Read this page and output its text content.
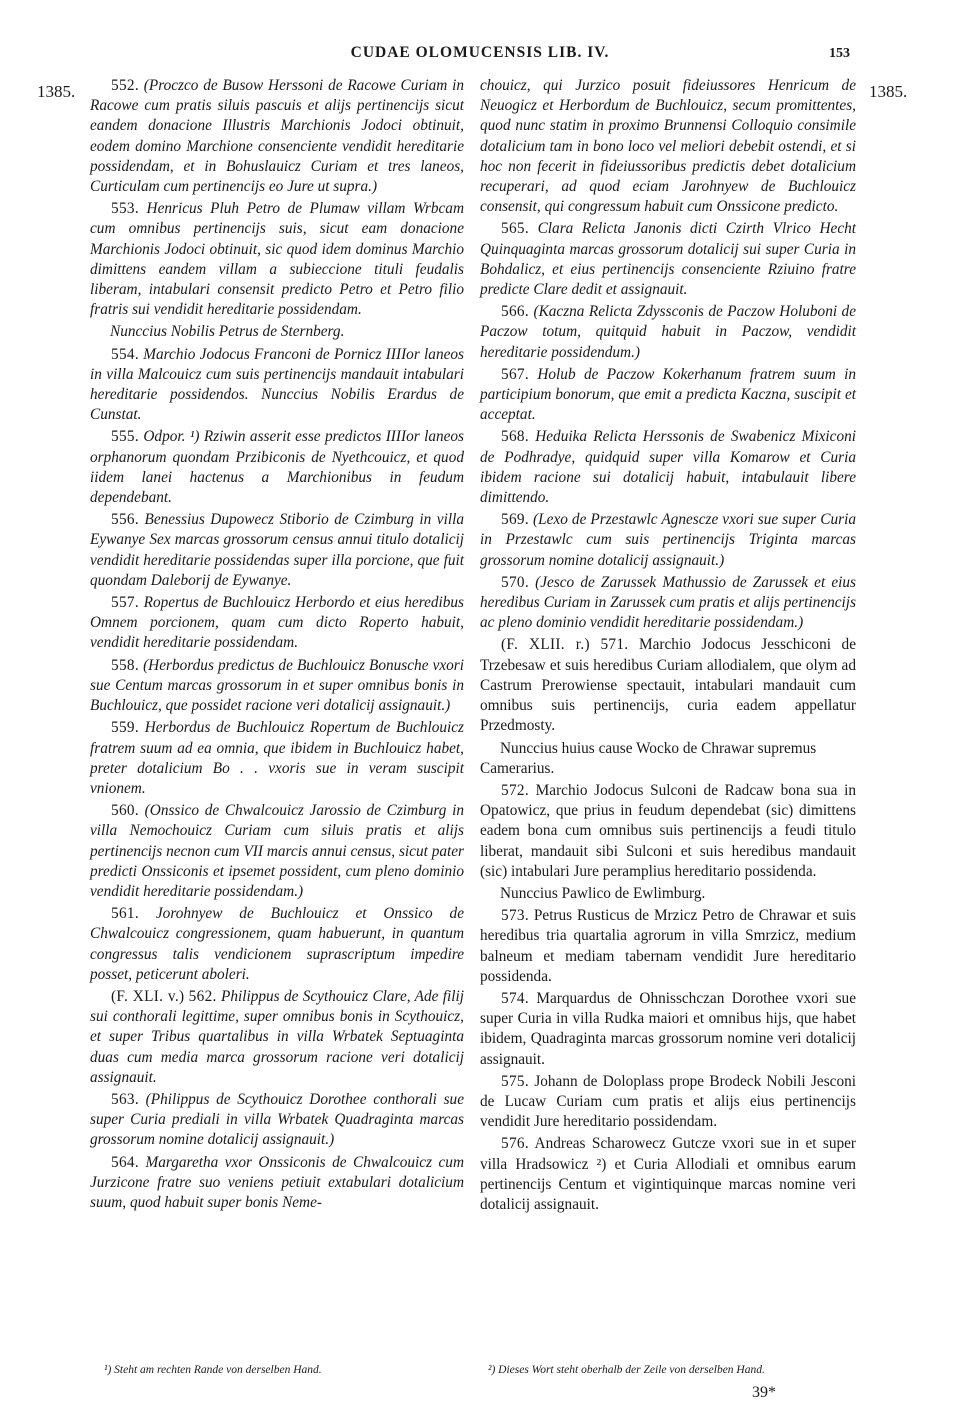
CUDAE OLOMUCENSIS LIB. IV.	153
1385.	1385.

552. (Proczco de Busow Herssoni de Racowe Curiam in Racowe cum pratis siluis pascuis et alijs pertinencijs sicut eandem donacione Illustris Marchionis Jodoci obtinuit, eodem domino Marchione consenciente vendidit hereditarie possidendam, et in Bohuslauicz Curiam et tres laneos, Curticulam cum pertinencijs eo Jure ut supra.)

553. Henricus Pluh Petro de Plumaw villam Wrbcam cum omnibus pertinencijs suis, sicut eam donacione Marchionis Jodoci obtinuit, sic quod idem dominus Marchio dimittens eandem villam a subieccione tituli feudalis liberam, intabulari consensit predicto Petro et Petro filio fratris sui vendidit hereditarie possidendam.

Nunccius Nobilis Petrus de Sternberg.

554. Marchio Jodocus Franconi de Pornicz IIIIor laneos in villa Malcouicz cum suis pertinencijs mandauit intabulari hereditarie possidendos. Nunccius Nobilis Erardus de Cunstat.

555. Odpor. ¹) Rziwin asserit esse predictos IIIIor laneos orphanorum quondam Przibiconis de Nyethcouicz, et quod iidem lanei hactenus a Marchionibus in feudum dependebant.

556. Benessius Dupowecz Stiborio de Czimburg in villa Eywanye Sex marcas grossorum census annui titulo dotalicij vendidit hereditarie possidendas super illa porcione, que fuit quondam Daleborij de Eywanye.

557. Ropertus de Buchlouicz Herbordo et eius heredibus Omnem porcionem, quam cum dicto Roperto habuit, vendidit hereditarie possidendam.

558. (Herbordus predictus de Buchlouicz Bonusche vxori sue Centum marcas grossorum in et super omnibus bonis in Buchlouicz, que possidet racione veri dotalicij assignauit.)

559. Herbordus de Buchlouicz Ropertum de Buchlouicz fratrem suum ad ea omnia, que ibidem in Buchlouicz habet, preter dotalicium Bo . . vxoris sue in veram suscipit vnionem.

560. (Onssico de Chwalcouicz Jarossio de Czimburg in villa Nemochouicz Curiam cum siluis pratis et alijs pertinencijs necnon cum VII marcis annui census, sicut pater predicti Onssiconis et ipsemet possident, cum pleno dominio vendidit hereditarie possidendam.)

561. Jorohnyew de Buchlouicz et Onssico de Chwalcouicz congressionem, quam habuerunt, in quantum congressus talis vendicionem suprascriptum impedire posset, peticerunt aboleri.

(F. XLI. v.) 562. Philippus de Scythouicz Clare, Ade filij sui conthorali legittime, super omnibus bonis in Scythouicz, et super Tribus quartalibus in villa Wrbatek Septuaginta duas cum media marca grossorum racione veri dotalicij assignauit.

563. (Philippus de Scythouicz Dorothee conthorali sue super Curia prediali in villa Wrbatek Quadraginta marcas grossorum nomine dotalicij assignauit.)

564. Margaretha vxor Onssiconis de Chwalcouicz cum Jurzicone fratre suo veniens petiuit extabulari dotalicium suum, quod habuit super bonis Neme-

chouicz, qui Jurzico posuit fideiussores Henricum de Neuogicz et Herbordum de Buchlouicz, secum promittentes, quod nunc statim in proximo Brunnensi Colloquio consimile dotalicium tam in bono loco vel meliori debebit ostendi, et si hoc non fecerit in fideiussoribus predictis debet dotalicium recuperari, ad quod eciam Jarohnyew de Buchlouicz consensit, qui congressum habuit cum Onssicone predicto.

565. Clara Relicta Janonis dicti Czirth Vlrico Hecht Quinquaginta marcas grossorum dotalicij sui super Curia in Bohdalicz, et eius pertinencijs consenciente Rziuino fratre predicte Clare dedit et assignauit.

566. (Kaczna Relicta Zdyssconis de Paczow Holuboni de Paczow totum, quitquid habuit in Paczow, vendidit hereditarie possidendum.)

567. Holub de Paczow Kokerhanum fratrem suum in participium bonorum, que emit a predicta Kaczna, suscipit et acceptat.

568. Heduika Relicta Herssonis de Swabenicz Mixiconi de Podhradye, quidquid super villa Komarow et Curia ibidem racione sui dotalicij habuit, intabulauit libere dimittendo.

569. (Lexo de Przestawlc Agnescze vxori sue super Curia in Przestawlc cum suis pertinencijs Triginta marcas grossorum nomine dotalicij assignauit.)

570. (Jesco de Zarussek Mathussio de Zarussek et eius heredibus Curiam in Zarussek cum pratis et alijs pertinencijs ac pleno dominio vendidit hereditarie possidendam.)

(F. XLII. r.) 571. Marchio Jodocus Jesschiconi de Trzebesaw et suis heredibus Curiam allodialem, que olym ad Castrum Prerowiense spectauit, intabulari mandauit cum omnibus suis pertinencijs, curia eadem appellatur Przedmosty.

Nunccius huius cause Wocko de Chrawar supremus Camerarius.

572. Marchio Jodocus Sulconi de Radcaw bona sua in Opatowicz, que prius in feudum dependebat (sic) dimittens eadem bona cum omnibus suis pertinencijs a feudi titulo liberat, mandauit sibi Sulconi et suis heredibus mandauit (sic) intabulari Jure peramplius hereditario possidenda.

Nunccius Pawlico de Ewlimburg.

573. Petrus Rusticus de Mrzicz Petro de Chrawar et suis heredibus tria quartalia agrorum in villa Smrzicz, medium balneum et mediam tabernam vendidit Jure hereditario possidenda.

574. Marquardus de Ohnisschczan Dorothee vxori sue super Curia in villa Rudka maiori et omnibus hijs, que habet ibidem, Quadraginta marcas grossorum nomine veri dotalicij assignauit.

575. Johann de Doloplass prope Brodeck Nobili Jesconi de Lucaw Curiam cum pratis et alijs eius pertinencijs vendidit Jure hereditario possidendam.

576. Andreas Scharowecz Gutcze vxori sue in et super villa Hradsowicz ²) et Curia Allodiali et omnibus earum pertinencijs Centum et vigintiquinque marcas nomine veri dotalicij assignauit.

¹) Steht am rechten Rande von derselben Hand.	²) Dieses Wort steht oberhalb der Zeile von derselben Hand.
39*
